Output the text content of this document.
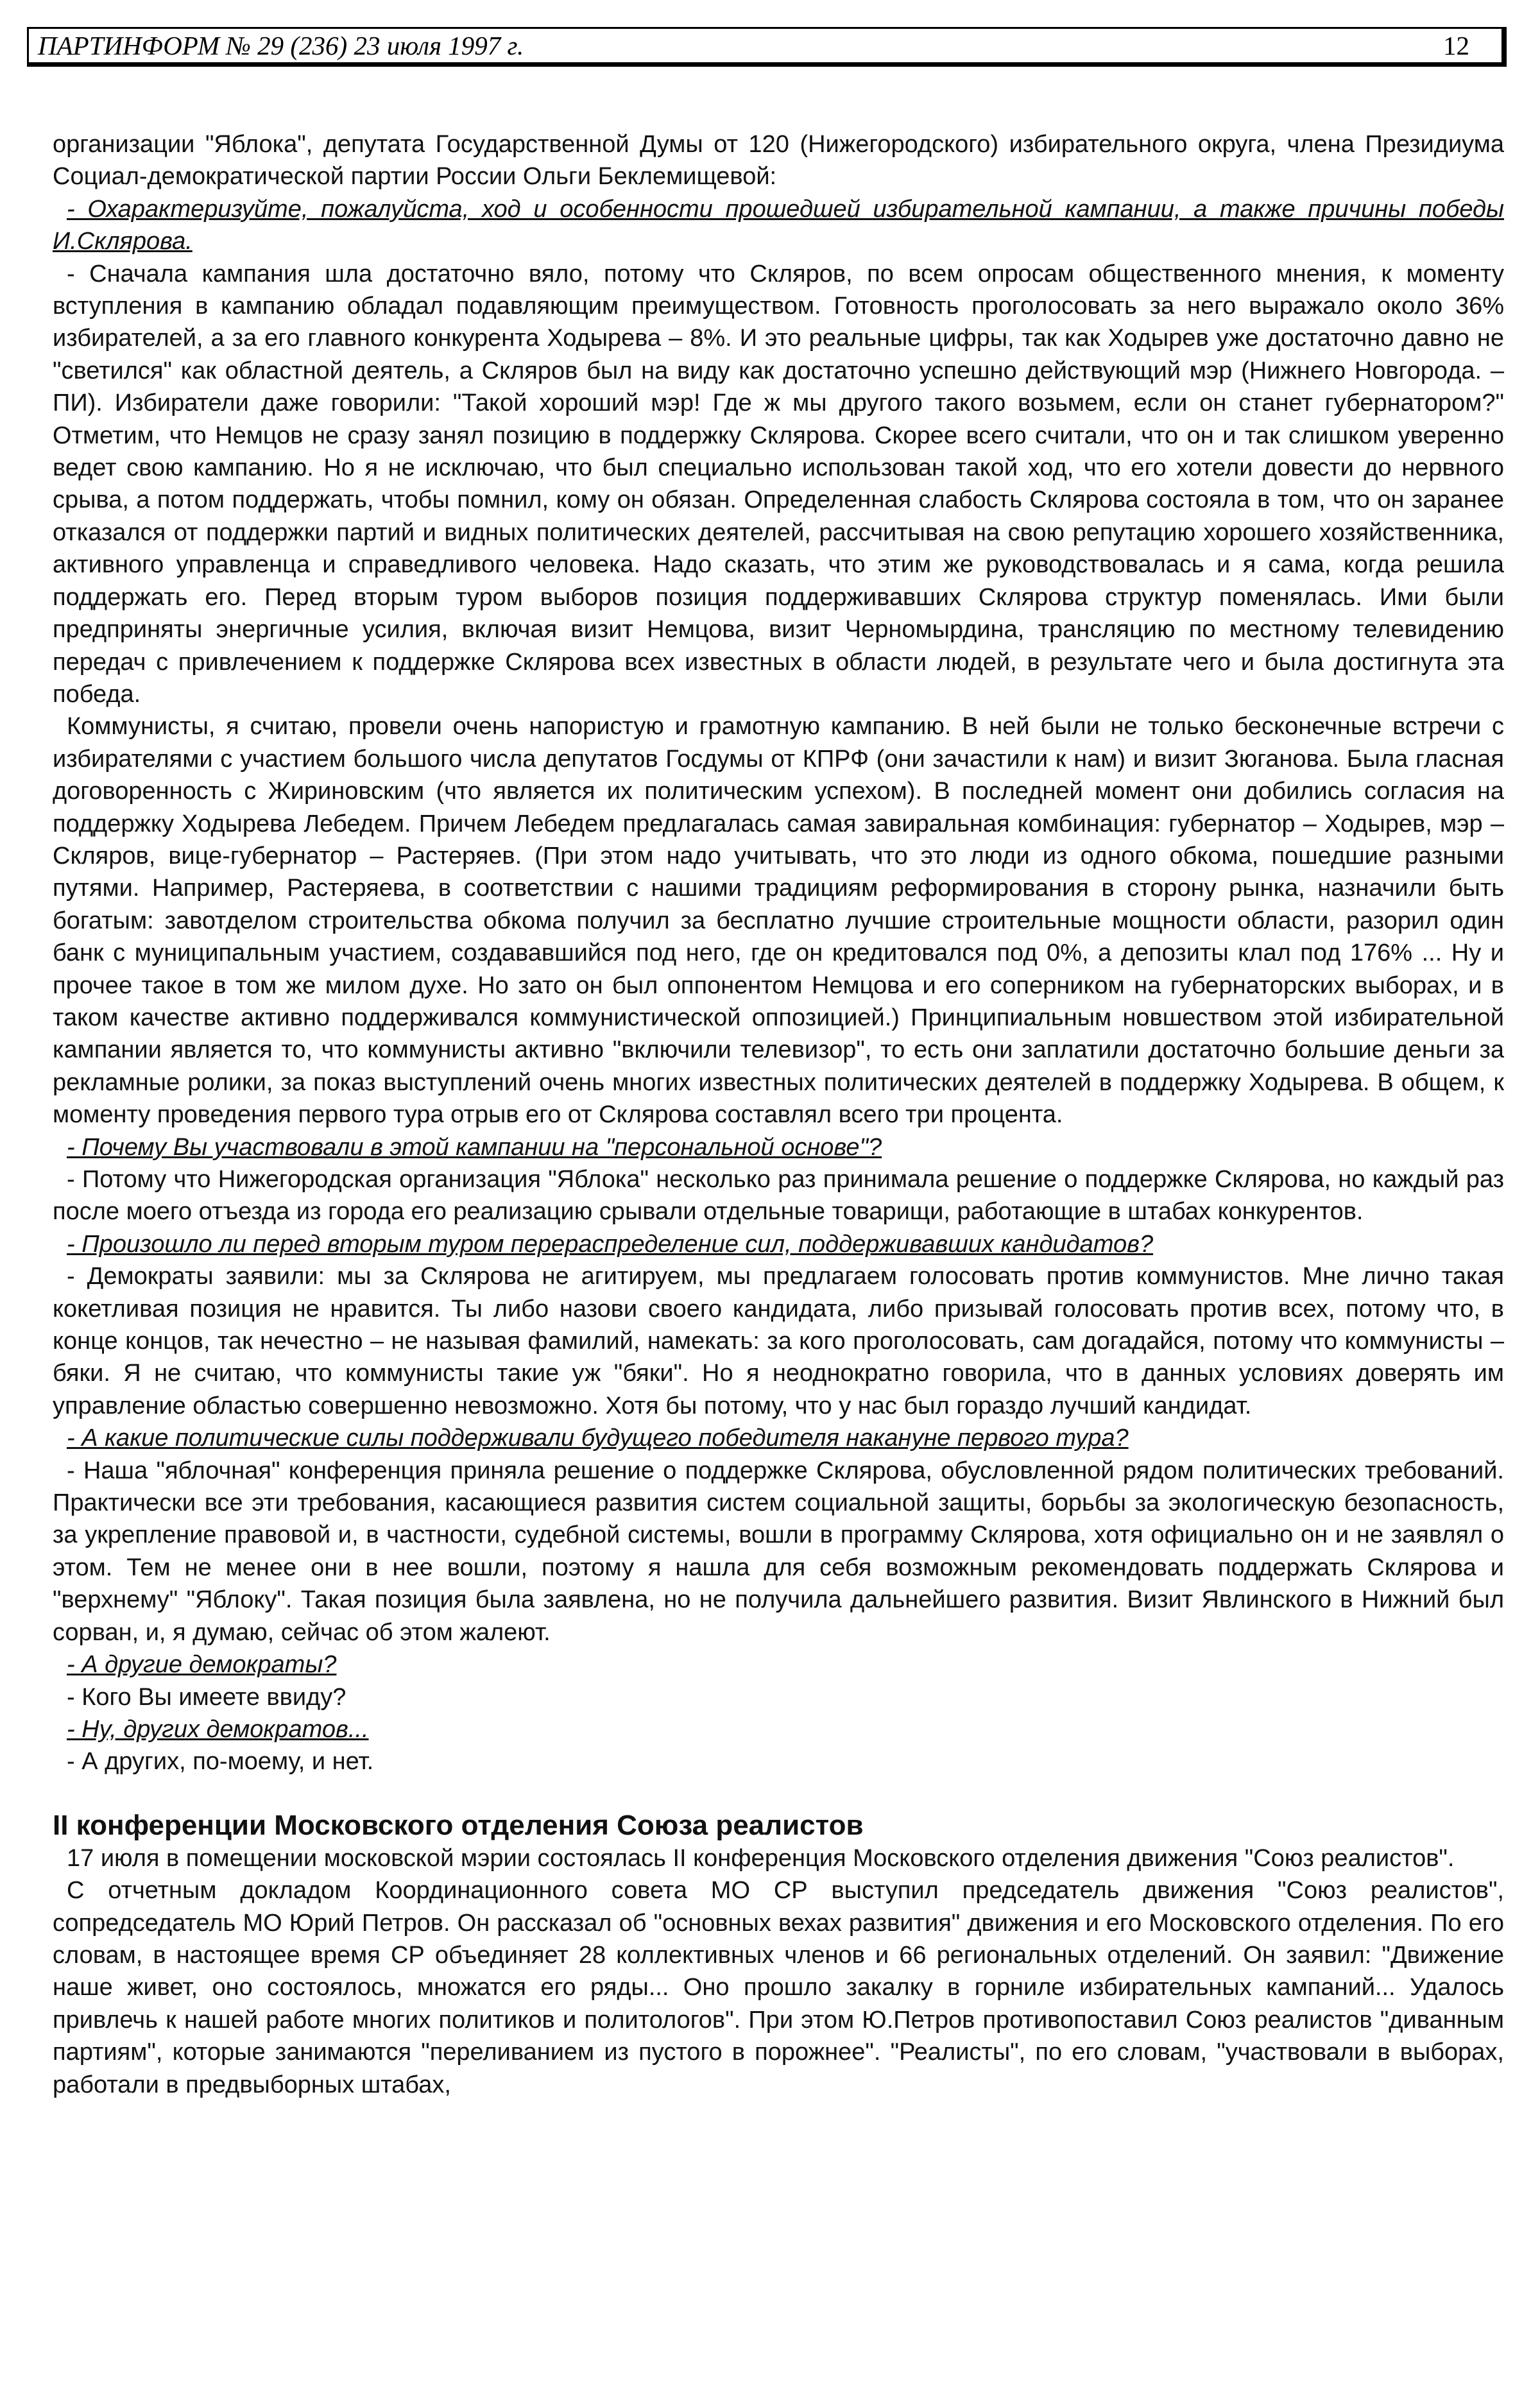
ПАРТИНФОРМ № 29 (236) 23 июля 1997 г.	12

организации "Яблока", депутата Государственной Думы от 120 (Нижегородского) избирательного округа, члена Президиума Социал-демократической партии России Ольги Беклемищевой:

- Охарактеризуйте, пожалуйста, ход и особенности прошедшей избирательной кампании, а также причины победы И.Склярова.

- Сначала кампания шла достаточно вяло, потому что Скляров, по всем опросам общественного мнения, к моменту вступления в кампанию обладал подавляющим преимуществом. Готовность проголосовать за него выражало около 36% избирателей, а за его главного конкурента Ходырева – 8%. И это реальные цифры, так как Ходырев уже достаточно давно не "светился" как областной деятель, а Скляров был на виду как достаточно успешно действующий мэр (Нижнего Новгорода. – ПИ). Избиратели даже говорили: "Такой хороший мэр! Где ж мы другого такого возьмем, если он станет губернатором?" Отметим, что Немцов не сразу занял позицию в поддержку Склярова. Скорее всего считали, что он и так слишком уверенно ведет свою кампанию. Но я не исключаю, что был специально использован такой ход, что его хотели довести до нервного срыва, а потом поддержать, чтобы помнил, кому он обязан. Определенная слабость Склярова состояла в том, что он заранее отказался от поддержки партий и видных политических деятелей, рассчитывая на свою репутацию хорошего хозяйственника, активного управленца и справедливого человека. Надо сказать, что этим же руководствовалась и я сама, когда решила поддержать его. Перед вторым туром выборов позиция поддерживавших Склярова структур поменялась. Ими были предприняты энергичные усилия, включая визит Немцова, визит Черномырдина, трансляцию по местному телевидению передач с привлечением к поддержке Склярова всех известных в области людей, в результате чего и была достигнута эта победа.

Коммунисты, я считаю, провели очень напористую и грамотную кампанию. В ней были не только бесконечные встречи с избирателями с участием большого числа депутатов Госдумы от КПРФ (они зачастили к нам) и визит Зюганова. Была гласная договоренность с Жириновским (что является их политическим успехом). В последней момент они добились согласия на поддержку Ходырева Лебедем. Причем Лебедем предлагалась самая завиральная комбинация: губернатор – Ходырев, мэр – Скляров, вице-губернатор – Растеряев. (При этом надо учитывать, что это люди из одного обкома, пошедшие разными путями. Например, Растеряева, в соответствии с нашими традициям реформирования в сторону рынка, назначили быть богатым: завотделом строительства обкома получил за бесплатно лучшие строительные мощности области, разорил один банк с муниципальным участием, создававшийся под него, где он кредитовался под 0%, а депозиты клал под 176% ... Ну и прочее такое в том же милом духе. Но зато он был оппонентом Немцова и его соперником на губернаторских выборах, и в таком качестве активно поддерживался коммунистической оппозицией.) Принципиальным новшеством этой избирательной кампании является то, что коммунисты активно "включили телевизор", то есть они заплатили достаточно большие деньги за рекламные ролики, за показ выступлений очень многих известных политических деятелей в поддержку Ходырева. В общем, к моменту проведения первого тура отрыв его от Склярова составлял всего три процента.

- Почему Вы участвовали в этой кампании на "персональной основе"?

- Потому что Нижегородская организация "Яблока" несколько раз принимала решение о поддержке Склярова, но каждый раз после моего отъезда из города его реализацию срывали отдельные товарищи, работающие в штабах конкурентов.

- Произошло ли перед вторым туром перераспределение сил, поддерживавших кандидатов?

- Демократы заявили: мы за Склярова не агитируем, мы предлагаем голосовать против коммунистов. Мне лично такая кокетливая позиция не нравится. Ты либо назови своего кандидата, либо призывай голосовать против всех, потому что, в конце концов, так нечестно – не называя фамилий, намекать: за кого проголосовать, сам догадайся, потому что коммунисты – бяки. Я не считаю, что коммунисты такие уж "бяки". Но я неоднократно говорила, что в данных условиях доверять им управление областью совершенно невозможно. Хотя бы потому, что у нас был гораздо лучший кандидат.

- А какие политические силы поддерживали будущего победителя накануне первого тура?

- Наша "яблочная" конференция приняла решение о поддержке Склярова, обусловленной рядом политических требований. Практически все эти требования, касающиеся развития систем социальной защиты, борьбы за экологическую безопасность, за укрепление правовой и, в частности, судебной системы, вошли в программу Склярова, хотя официально он и не заявлял о этом. Тем не менее они в нее вошли, поэтому я нашла для себя возможным рекомендовать поддержать Склярова и "верхнему" "Яблоку". Такая позиция была заявлена, но не получила дальнейшего развития. Визит Явлинского в Нижний был сорван, и, я думаю, сейчас об этом жалеют.

- А другие демократы?

- Кого Вы имеете ввиду?

- Ну, других демократов...

- А других, по-моему, и нет.

II конференции Московского отделения Союза реалистов

17 июля в помещении московской мэрии состоялась II конференция Московского отделения движения "Союз реалистов".

С отчетным докладом Координационного совета МО СР выступил председатель движения "Союз реалистов", сопредседатель МО Юрий Петров. Он рассказал об "основных вехах развития" движения и его Московского отделения. По его словам, в настоящее время СР объединяет 28 коллективных членов и 66 региональных отделений. Он заявил: "Движение наше живет, оно состоялось, множатся его ряды... Оно прошло закалку в горниле избирательных кампаний... Удалось привлечь к нашей работе многих политиков и политологов". При этом Ю.Петров противопоставил Союз реалистов "диванным партиям", которые занимаются "переливанием из пустого в порожнее". "Реалисты", по его словам, "участвовали в выборах, работали в предвыборных штабах,
